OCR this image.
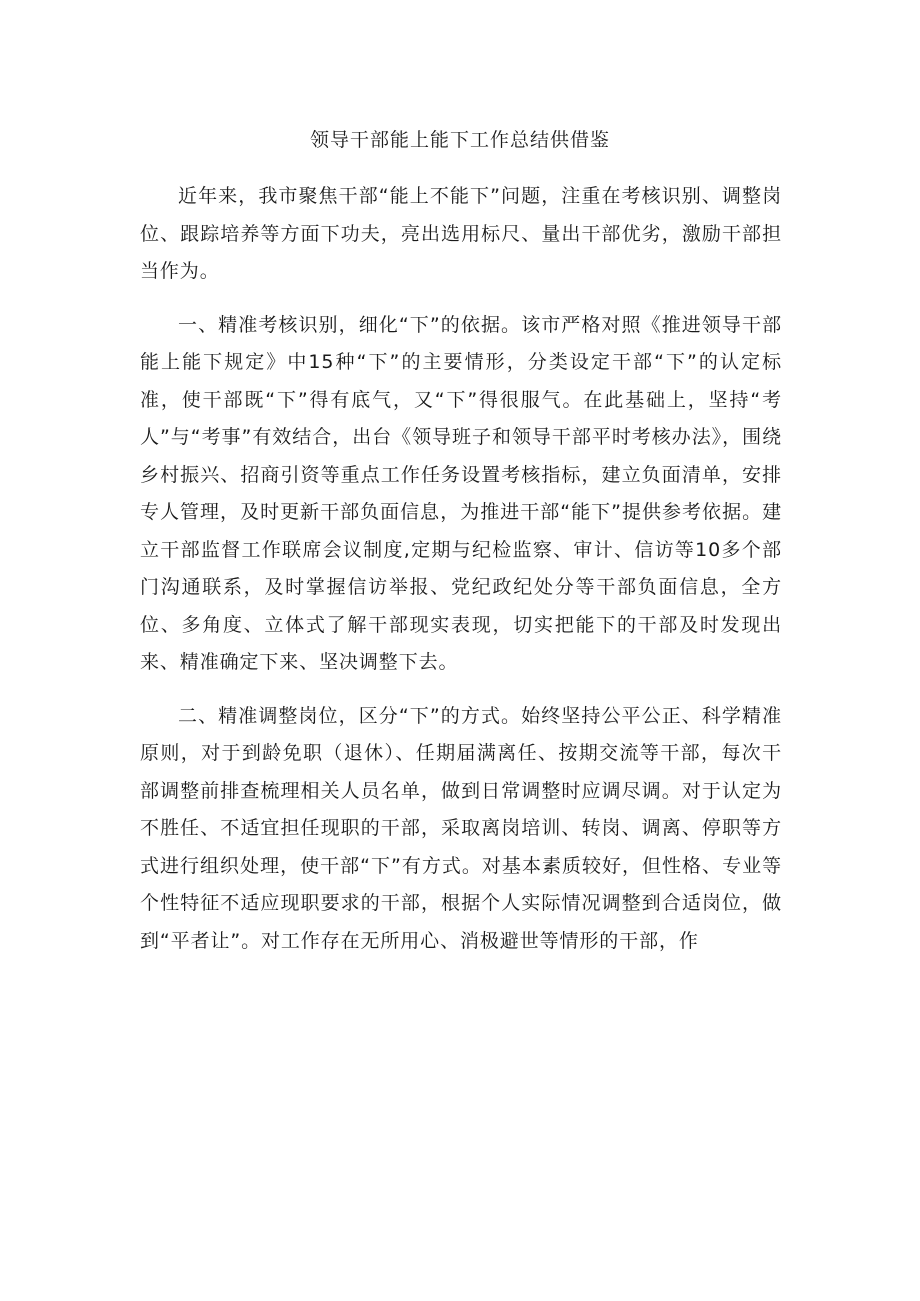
领导干部能上能下工作总结供借鉴

近年来，我市聚焦干部“能上不能下”问题，注重在考核识别、调整岗位、跟踪培养等方面下功夫，亮出选用标尺、量出干部优劣，激励干部担当作为。

一、精准考核识别，细化“下”的依据。该市严格对照《推进领导干部能上能下规定》中15种“下”的主要情形，分类设定干部“下”的认定标准，使干部既“下”得有底气，又“下”得很服气。在此基础上，坚持“考人”与“考事”有效结合，出台《领导班子和领导干部平时考核办法》，围绕乡村振兴、招商引资等重点工作任务设置考核指标，建立负面清单，安排专人管理，及时更新干部负面信息，为推进干部“能下”提供参考依据。建立干部监督工作联席会议制度,定期与纪检监察、审计、信访等10多个部门沟通联系，及时掌握信访举报、党纪政纪处分等干部负面信息，全方位、多角度、立体式了解干部现实表现，切实把能下的干部及时发现出来、精准确定下来、坚决调整下去。

二、精准调整岗位，区分“下”的方式。始终坚持公平公正、科学精准原则，对于到龄免职（退休）、任期届满离任、按期交流等干部，每次干部调整前排查梳理相关人员名单，做到日常调整时应调尽调。对于认定为不胜任、不适宜担任现职的干部，采取离岗培训、转岗、调离、停职等方式进行组织处理，使干部“下”有方式。对基本素质较好，但性格、专业等个性特征不适应现职要求的干部，根据个人实际情况调整到合适岗位，做到“平者让”。对工作存在无所用心、消极避世等情形的干部，作
